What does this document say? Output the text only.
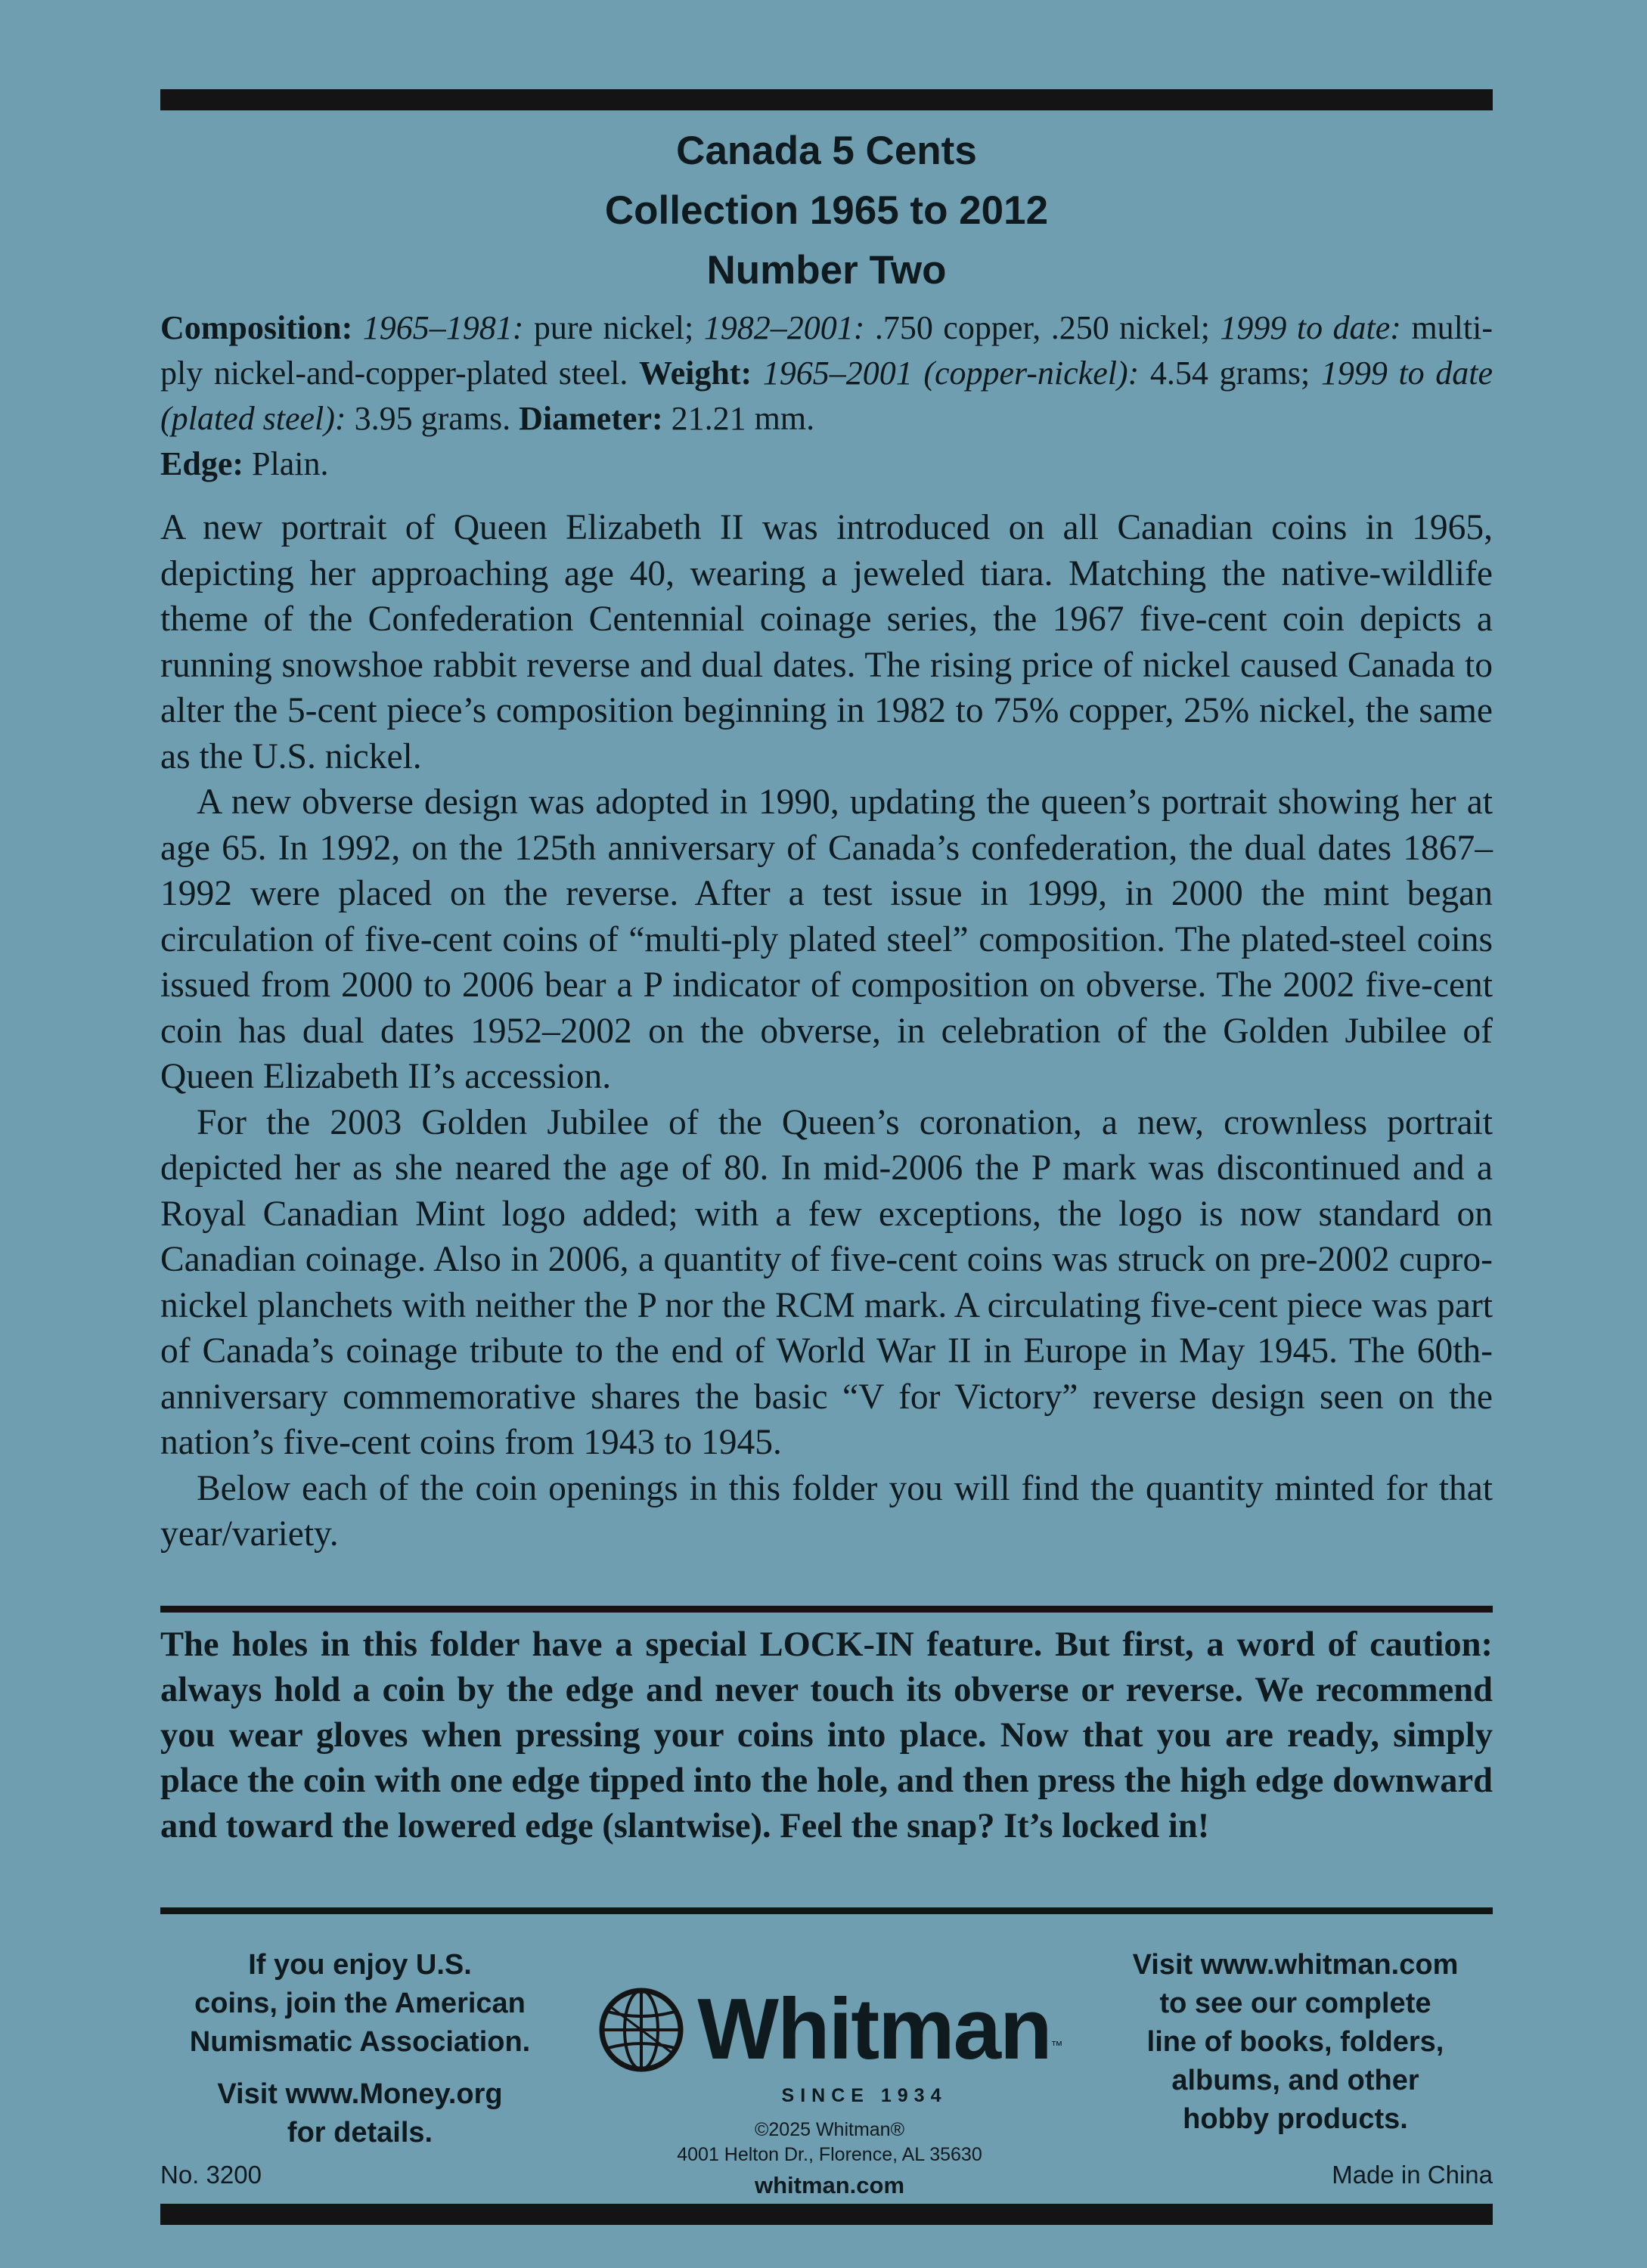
Canada 5 Cents
Collection 1965 to 2012
Number Two
Composition: 1965–1981: pure nickel; 1982–2001: .750 copper, .250 nickel; 1999 to date: multi-ply nickel-and-copper-plated steel. Weight: 1965–2001 (copper-nickel): 4.54 grams; 1999 to date (plated steel): 3.95 grams. Diameter: 21.21 mm.
Edge: Plain.

A new portrait of Queen Elizabeth II was introduced on all Canadian coins in 1965, depicting her approaching age 40, wearing a jeweled tiara. Matching the native-wildlife theme of the Confederation Centennial coinage series, the 1967 five-cent coin depicts a running snowshoe rabbit reverse and dual dates. The rising price of nickel caused Canada to alter the 5-cent piece’s composition beginning in 1982 to 75% copper, 25% nickel, the same as the U.S. nickel.

A new obverse design was adopted in 1990, updating the queen’s portrait showing her at age 65. In 1992, on the 125th anniversary of Canada’s confederation, the dual dates 1867–1992 were placed on the reverse. After a test issue in 1999, in 2000 the mint began circulation of five-cent coins of “multi-ply plated steel” composition. The plated-steel coins issued from 2000 to 2006 bear a P indicator of composition on obverse. The 2002 five-cent coin has dual dates 1952–2002 on the obverse, in celebration of the Golden Jubilee of Queen Elizabeth II’s accession.

For the 2003 Golden Jubilee of the Queen’s coronation, a new, crownless portrait depicted her as she neared the age of 80. In mid-2006 the P mark was discontinued and a Royal Canadian Mint logo added; with a few exceptions, the logo is now standard on Canadian coinage. Also in 2006, a quantity of five-cent coins was struck on pre-2002 cupro-nickel planchets with neither the P nor the RCM mark. A circulating five-cent piece was part of Canada’s coinage tribute to the end of World War II in Europe in May 1945. The 60th-anniversary commemorative shares the basic “V for Victory” reverse design seen on the nation’s five-cent coins from 1943 to 1945.

Below each of the coin openings in this folder you will find the quantity minted for that year/variety.

The holes in this folder have a special LOCK-IN feature. But first, a word of caution: always hold a coin by the edge and never touch its obverse or reverse. We recommend you wear gloves when pressing your coins into place. Now that you are ready, simply place the coin with one edge tipped into the hole, and then press the high edge downward and toward the lowered edge (slantwise). Feel the snap? It’s locked in!
If you enjoy U.S.
coins, join the American
Numismatic Association.
Visit www.Money.org
for details.
Whitman ™
SINCE 1934
©2025 Whitman®
4001 Helton Dr., Florence, AL 35630
whitman.com
Visit www.whitman.com
to see our complete
line of books, folders,
albums, and other
hobby products.
No. 3200	Made in China
